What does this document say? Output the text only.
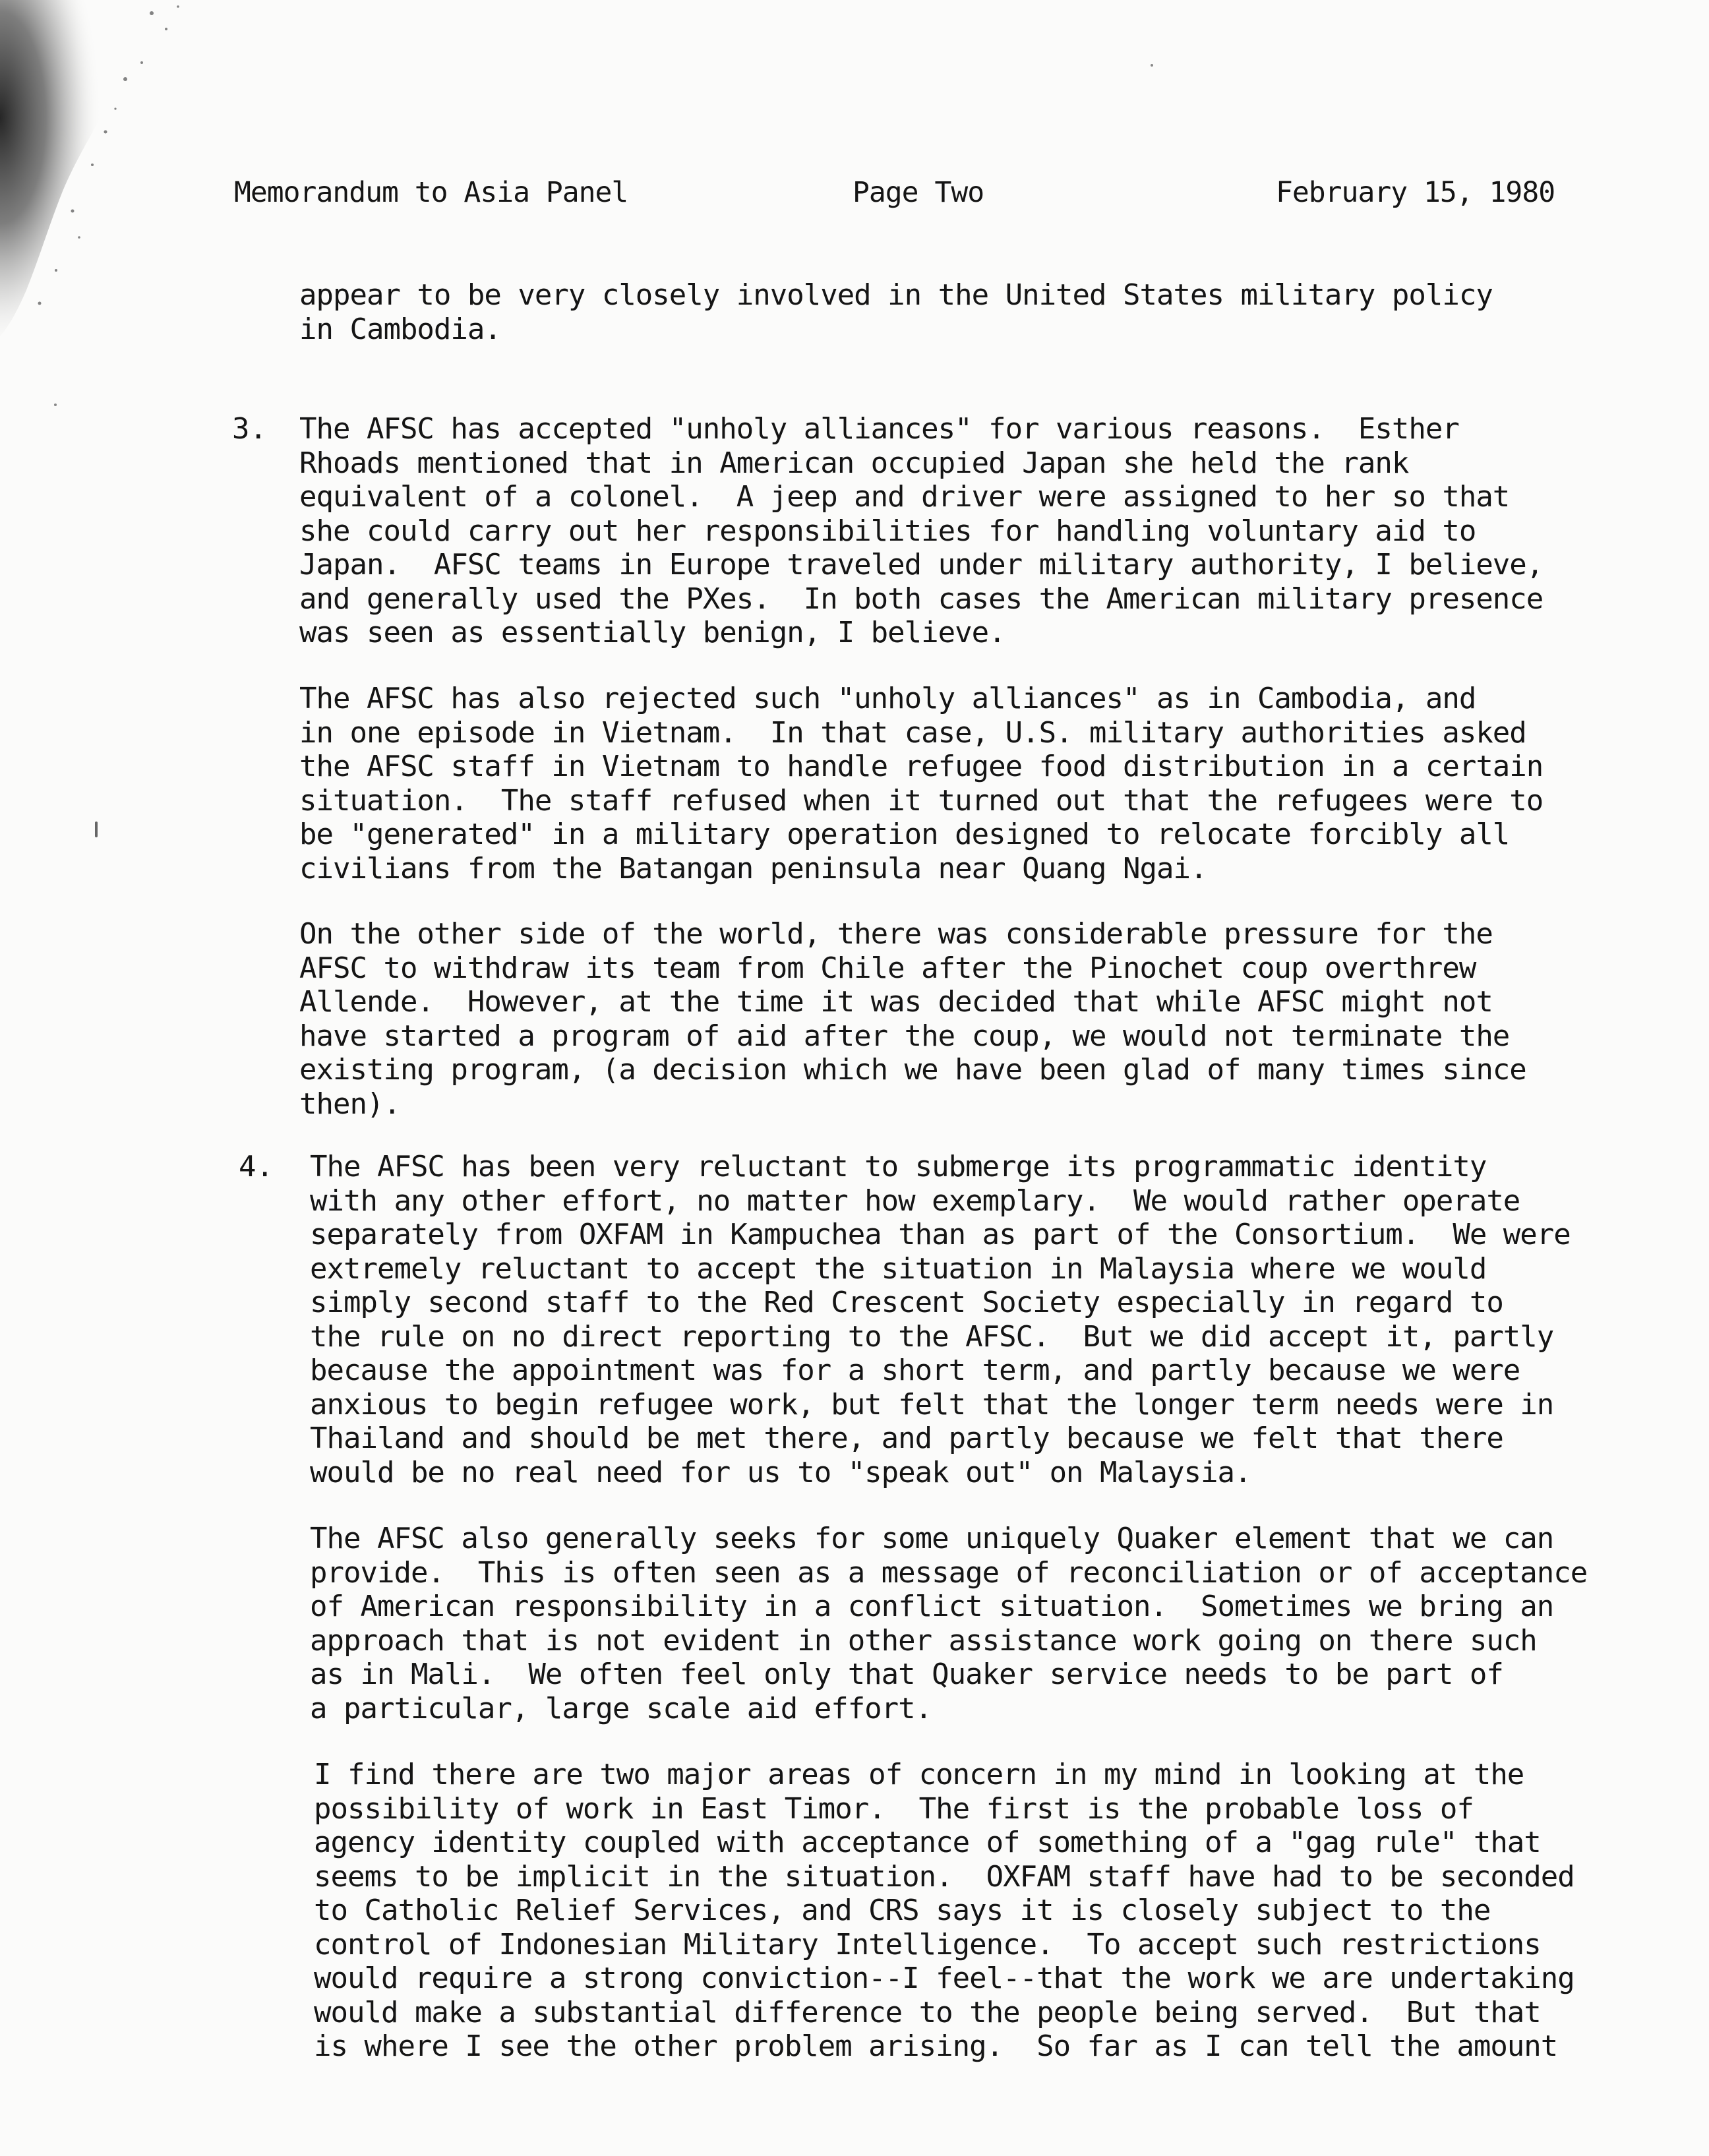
Memorandum to Asia Panel	Page Two	February 15, 1980

appear to be very closely involved in the United States military policy
in Cambodia.

3. The AFSC has accepted "unholy alliances" for various reasons.  Esther
Rhoads mentioned that in American occupied Japan she held the rank
equivalent of a colonel.  A jeep and driver were assigned to her so that
she could carry out her responsibilities for handling voluntary aid to
Japan.  AFSC teams in Europe traveled under military authority, I believe,
and generally used the PXes.  In both cases the American military presence
was seen as essentially benign, I believe.

The AFSC has also rejected such "unholy alliances" as in Cambodia, and
in one episode in Vietnam.  In that case, U.S. military authorities asked
the AFSC staff in Vietnam to handle refugee food distribution in a certain
situation.  The staff refused when it turned out that the refugees were to
be "generated" in a military operation designed to relocate forcibly all
civilians from the Batangan peninsula near Quang Ngai.

On the other side of the world, there was considerable pressure for the
AFSC to withdraw its team from Chile after the Pinochet coup overthrew
Allende.  However, at the time it was decided that while AFSC might not
have started a program of aid after the coup, we would not terminate the
existing program, (a decision which we have been glad of many times since
then).

4. The AFSC has been very reluctant to submerge its programmatic identity
with any other effort, no matter how exemplary.  We would rather operate
separately from OXFAM in Kampuchea than as part of the Consortium.  We were
extremely reluctant to accept the situation in Malaysia where we would
simply second staff to the Red Crescent Society especially in regard to
the rule on no direct reporting to the AFSC.  But we did accept it, partly
because the appointment was for a short term, and partly because we were
anxious to begin refugee work, but felt that the longer term needs were in
Thailand and should be met there, and partly because we felt that there
would be no real need for us to "speak out" on Malaysia.

The AFSC also generally seeks for some uniquely Quaker element that we can
provide.  This is often seen as a message of reconciliation or of acceptance
of American responsibility in a conflict situation.  Sometimes we bring an
approach that is not evident in other assistance work going on there such
as in Mali.  We often feel only that Quaker service needs to be part of
a particular, large scale aid effort.

I find there are two major areas of concern in my mind in looking at the
possibility of work in East Timor.  The first is the probable loss of
agency identity coupled with acceptance of something of a "gag rule" that
seems to be implicit in the situation.  OXFAM staff have had to be seconded
to Catholic Relief Services, and CRS says it is closely subject to the
control of Indonesian Military Intelligence.  To accept such restrictions
would require a strong conviction--I feel--that the work we are undertaking
would make a substantial difference to the people being served.  But that
is where I see the other problem arising.  So far as I can tell the amount
